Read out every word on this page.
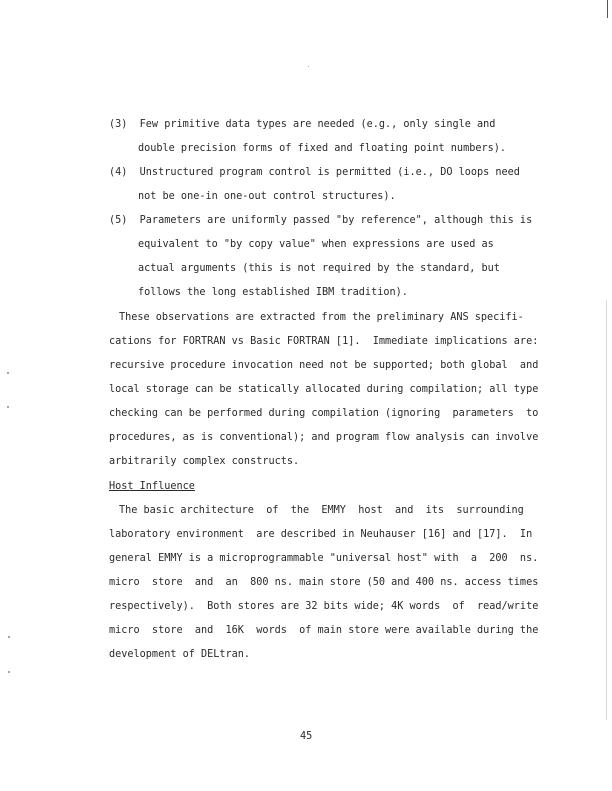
(3)  Few primitive data types are needed (e.g., only single and
double precision forms of fixed and floating point numbers).
(4)  Unstructured program control is permitted (i.e., DO loops need
not be one-in one-out control structures).
(5)  Parameters are uniformly passed "by reference", although this is
equivalent to "by copy value" when expressions are used as
actual arguments (this is not required by the standard, but
follows the long established IBM tradition).
These observations are extracted from the preliminary ANS specifi-
cations for FORTRAN vs Basic FORTRAN [1].  Immediate implications are:
recursive procedure invocation need not be supported; both global  and
local storage can be statically allocated during compilation; all type
checking can be performed during compilation (ignoring  parameters  to
procedures, as is conventional); and program flow analysis can involve
arbitrarily complex constructs.
Host Influence
The basic architecture  of  the  EMMY  host  and  its  surrounding
laboratory environment  are described in Neuhauser [16] and [17].  In
general EMMY is a microprogrammable "universal host" with  a  200  ns.
micro  store  and  an  800 ns. main store (50 and 400 ns. access times
respectively).  Both stores are 32 bits wide; 4K words  of  read/write
micro  store  and  16K  words  of main store were available during the
development of DELtran.
45
